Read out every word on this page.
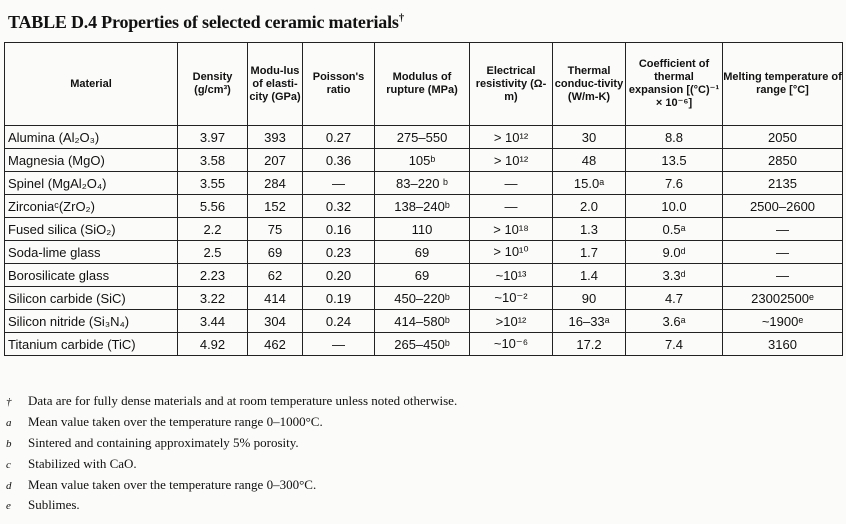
TABLE D.4 Properties of selected ceramic materials†
Material	Density (g/cm³)	Modu-lus of elasti-city (GPa)	Poisson's ratio	Modulus of rupture (MPa)	Electrical resistivity (Ω-m)	Thermal conduc-tivity (W/m-K)	Coefficient of thermal expansion [(°C)⁻¹ × 10⁻⁶]	Melting temperature of range [°C]
Alumina (Al₂O₃)	3.97	393	0.27	275–550	> 10¹²	30	8.8	2050
Magnesia (MgO)	3.58	207	0.36	105ᵇ	> 10¹²	48	13.5	2850
Spinel (MgAl₂O₄)	3.55	284	—	83–220 ᵇ	—	15.0ᵃ	7.6	2135
Zirconiaᶜ(ZrO₂)	5.56	152	0.32	138–240ᵇ	—	2.0	10.0	2500–2600
Fused silica (SiO₂)	2.2	75	0.16	110	> 10¹⁸	1.3	0.5ᵃ	—
Soda-lime glass	2.5	69	0.23	69	> 10¹⁰	1.7	9.0ᵈ	—
Borosilicate glass	2.23	62	0.20	69	~10¹³	1.4	3.3ᵈ	—
Silicon carbide (SiC)	3.22	414	0.19	450–220ᵇ	~10⁻²	90	4.7	23002500ᵉ
Silicon nitride (Si₃N₄)	3.44	304	0.24	414–580ᵇ	>10¹²	16–33ᵃ	3.6ᵃ	~1900ᵉ
Titanium carbide (TiC)	4.92	462	—	265–450ᵇ	~10⁻⁶	17.2	7.4	3160
† Data are for fully dense materials and at room temperature unless noted otherwise.
a Mean value taken over the temperature range 0–1000°C.
b Sintered and containing approximately 5% porosity.
c Stabilized with CaO.
d Mean value taken over the temperature range 0–300°C.
e Sublimes.
